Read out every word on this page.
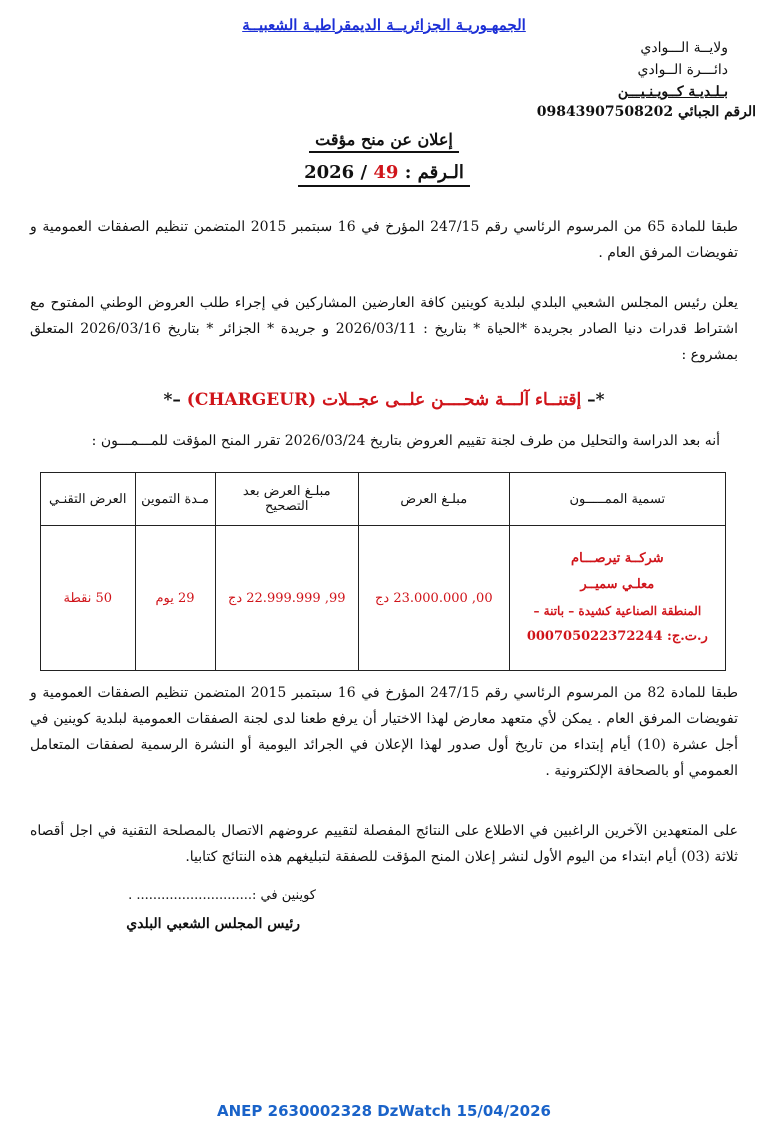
الجمهـوريـة الجزائريــة الديمقراطيـة الشعبيــة
ولايــة الـــوادي
دائـــرة الــوادي
بـلـديـة كــويـنـيـــن
الرقم الجبائي 09843907508202
إعلان عن منح مؤقت
الـرقم : 49 / 2026

طبقا للمادة 65 من المرسوم الرئاسي رقم 247/15 المؤرخ في 16 سبتمبر 2015 المتضمن تنظيم الصفقات العمومية و تفويضات المرفق العام .

يعلن رئيس المجلس الشعبي البلدي لبلدية كوينين كافة العارضين المشاركين في إجراء طلب العروض الوطني المفتوح مع اشتراط قدرات دنيا الصادر بجريدة *الحياة * بتاريخ : 2026/03/11 و جريدة * الجزائر * بتاريخ 2026/03/16 المتعلق بمشروع :

*– إقتنــاء آلـــة شحــــن علــى عجــلات (CHARGEUR) –*

أنه بعد الدراسة والتحليل من طرف لجنة تقييم العروض بتاريخ 2026/03/24 تقرر المنح المؤقت للمـــمـــون :

تسمية الممـــــون	مبلـغ العرض	مبلـغ العرض بعد التصحيح	مـدة التموين	العرض التقنـي

شركــة تيرصـــام
معلـي سميــر
المنطقة الصناعية كشيدة – باتنة –
ر.ت.ج: 000705022372244	00, 23.000.000 دج	99, 22.999.999 دج	29 يوم	50 نقطة

طبقا للمادة 82 من المرسوم الرئاسي رقم 247/15 المؤرخ في 16 سبتمبر 2015 المتضمن تنظيم الصفقات العمومية و تفويضات المرفق العام . يمكن لأي متعهد معارض لهذا الاختيار أن يرفع طعنا لدى لجنة الصفقات العمومية لبلدية كوينين في أجل عشرة (10) أيام إبتداء من تاريخ أول صدور لهذا الإعلان في الجرائد اليومية أو النشرة الرسمية لصفقات المتعامل العمومي أو بالصحافة الإلكترونية .

على المتعهدين الآخرين الراغبين في الاطلاع على النتائج المفصلة لتقييم عروضهم الاتصال بالمصلحة التقنية في اجل أقصاه ثلاثة (03) أيام ابتداء من اليوم الأول لنشر إعلان المنح المؤقت للصفقة لتبليغهم هذه النتائج كتابيا.

كوينين في :............................ .
رئيس المجلس الشعبي البلدي
ANEP 2630002328 DzWatch 15/04/2026
